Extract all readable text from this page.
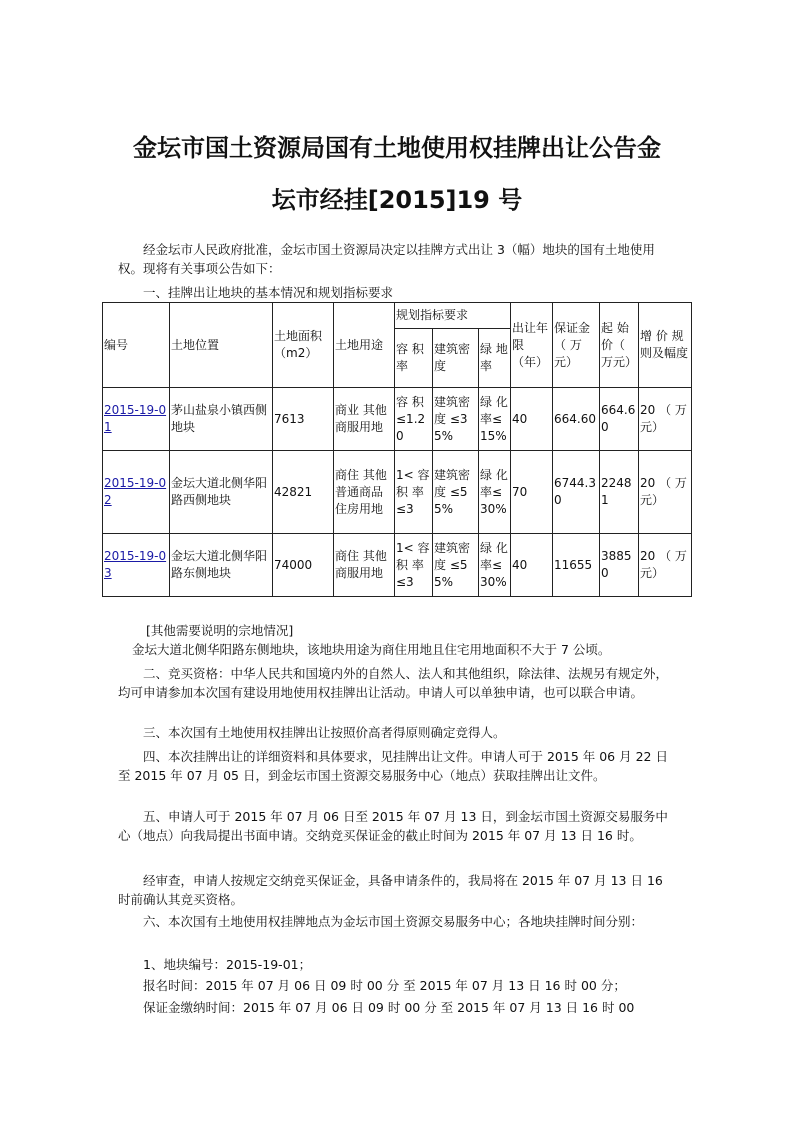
金坛市国土资源局国有土地使用权挂牌出让公告金
坛市经挂[2015]19 号

经金坛市人民政府批准，金坛市国土资源局决定以挂牌方式出让 3（幅）地块的国有土地使用权。现将有关事项公告如下：

一、挂牌出让地块的基本情况和规划指标要求

编号	土地位置	土地面积（m2）	土地用途	规划指标要求			出让年限（年）	保证金（ 万元）	起 始价（ 万元）	增 价 规则及幅度
				容 积率	建筑密度	绿 地率				
2015-19-01	茅山盐泉小镇西侧地块	7613	商业 其他商服用地	容 积≤1.20	建筑密度 ≤35%	绿 化率≤15%	40	664.60	664.60	20 （ 万元）
2015-19-02	金坛大道北侧华阳路西侧地块	42821	商住 其他普通商品住房用地	1< 容积 率≤3	建筑密度 ≤55%	绿 化率≤30%	70	6744.30	22481	20 （ 万元）
2015-19-03	金坛大道北侧华阳路东侧地块	74000	商住 其他商服用地	1< 容积 率≤3	建筑密度 ≤55%	绿 化率≤30%	40	11655	38850	20 （ 万元）

[其他需要说明的宗地情况]

金坛大道北侧华阳路东侧地块，该地块用途为商住用地且住宅用地面积不大于 7 公顷。

二、竞买资格：中华人民共和国境内外的自然人、法人和其他组织，除法律、法规另有规定外，均可申请参加本次国有建设用地使用权挂牌出让活动。申请人可以单独申请，也可以联合申请。

三、本次国有土地使用权挂牌出让按照价高者得原则确定竞得人。

四、本次挂牌出让的详细资料和具体要求，见挂牌出让文件。申请人可于 2015 年 06 月 22 日至 2015 年 07 月 05 日，到金坛市国土资源交易服务中心（地点）获取挂牌出让文件。

五、申请人可于 2015 年 07 月 06 日至 2015 年 07 月 13 日，到金坛市国土资源交易服务中心（地点）向我局提出书面申请。交纳竞买保证金的截止时间为 2015 年 07 月 13 日 16 时。

经审查，申请人按规定交纳竞买保证金，具备申请条件的，我局将在 2015 年 07 月 13 日 16 时前确认其竞买资格。

六、本次国有土地使用权挂牌地点为金坛市国土资源交易服务中心；各地块挂牌时间分别：

1、地块编号：2015-19-01；

报名时间：2015 年 07 月 06 日 09 时 00 分 至 2015 年 07 月 13 日 16 时 00 分；

保证金缴纳时间：2015 年 07 月 06 日 09 时 00 分 至 2015 年 07 月 13 日 16 时 00
